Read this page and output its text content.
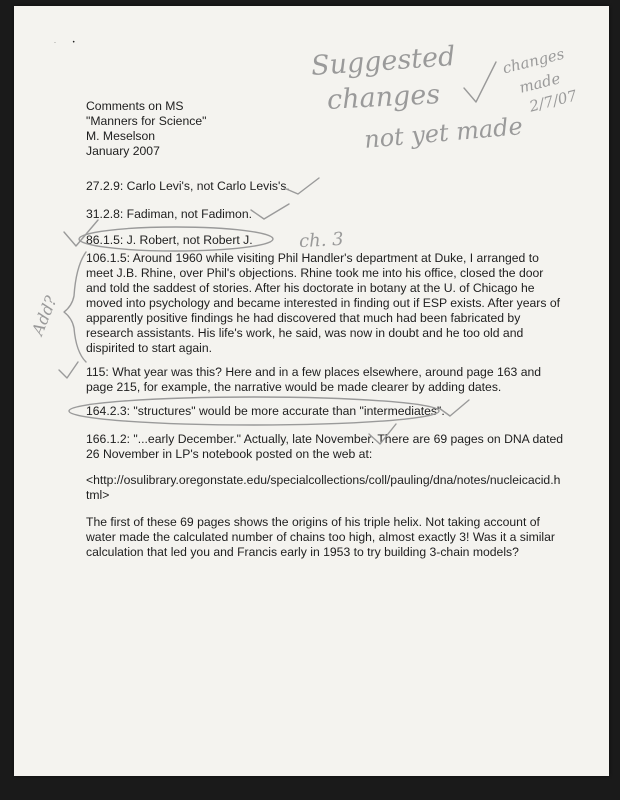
·          •
Comments on MS
"Manners for Science"
M. Meselson
January 2007

27.2.9: Carlo Levi's, not Carlo Levis's.

31.2.8: Fadiman, not Fadimon.

86.1.5: J. Robert, not Robert J.

106.1.5: Around 1960 while visiting Phil Handler's department at Duke, I arranged to meet J.B. Rhine, over Phil's objections. Rhine took me into his office, closed the door and told the saddest of stories. After his doctorate in botany at the U. of Chicago he moved into psychology and became interested in finding out if ESP exists. After years of apparently positive findings he had discovered that much had been fabricated by research assistants. His life's work, he said, was now in doubt and he too old and dispirited to start again.

115: What year was this? Here and in a few places elsewhere, around page 163 and page 215, for example, the narrative would be made clearer by adding dates.

164.2.3: "structures" would be more accurate than "intermediates".

166.1.2: "...early December." Actually, late November. There are 69 pages on DNA dated 26 November in LP's notebook posted on the web at:

<http://osulibrary.oregonstate.edu/specialcollections/coll/pauling/dna/notes/nucleicacid.h tml>

The first of these 69 pages shows the origins of his triple helix. Not taking account of water made the calculated number of chains too high, almost exactly 3! Was it a similar calculation that led you and Francis early in 1953 to try building 3-chain models?

Suggested
changes
not yet made
changes
made
2/7/07
ch. 3
Add?
